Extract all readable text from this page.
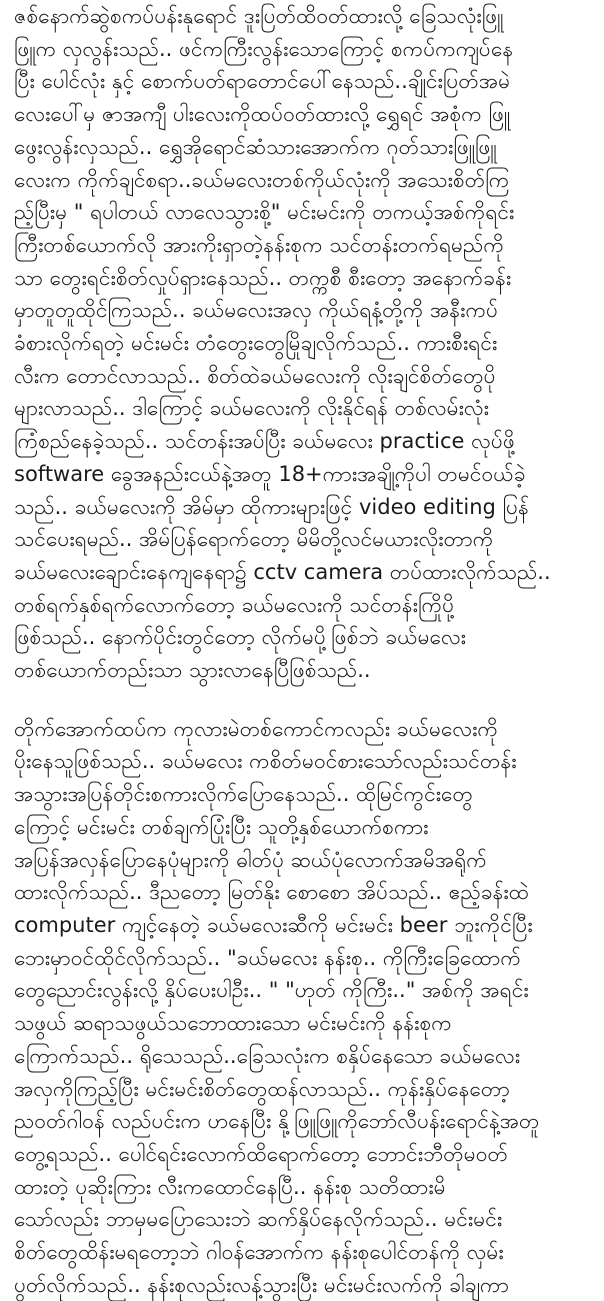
ဇစ်နောက်ဆွဲစကပ်ပန်းနုရောင် ဒူးပြတ်ထိဝတ်ထားလို့ ခြေသလုံးဖြူ
ဖြူက လှလွန်းသည်.. ဖင်ကကြီးလွန်းသောကြောင့် စကပ်ကကျပ်နေ
ပြီး ပေါင်လုံး နှင့် စောက်ပတ်ရာတောင်ပေါ်နေသည်..ချိုင်းပြတ်အမဲ
လေးပေါ်မှ ဇာအကျီ ပါးလေးကိုထပ်ဝတ်ထားလို့ ရွှေရင် အစုံက ဖြူ
ဖွေးလွန်းလှသည်.. ရွှေအိုရောင်ဆံသားအောက်က ဂုတ်သားဖြူဖြူ
လေးက ကိုက်ချင်စရာ..ခယ်မလေးတစ်ကိုယ်လုံးကို အသေးစိတ်ကြ
ည့်ပြီးမှ " ရပါတယ် လာလေသွားစို့" မင်းမင်းကို တကယ့်အစ်ကိုရင်း
ကြီးတစ်ယောက်လို အားကိုးရှာတဲ့နန်းစုက သင်တန်းတက်ရမည်ကို
သာ တွေးရင်းစိတ်လှုပ်ရှားနေသည်.. တက္ကစီ စီးတော့ အနောက်ခန်း
မှာတူတူထိုင်ကြသည်.. ခယ်မလေးအလှ ကိုယ်ရနံ့တို့ကို အနီးကပ်
ခံစားလိုက်ရတဲ့ မင်းမင်း တံတွေးတွေမြိုချလိုက်သည်.. ကားစီးရင်း
လီးက တောင်လာသည်.. စိတ်ထဲခယ်မလေးကို လိုးချင်စိတ်တွေပို
များလာသည်.. ဒါကြောင့် ခယ်မလေးကို လိုးနိုင်ရန် တစ်လမ်းလုံး
ကြံစည်နေခဲ့သည်.. သင်တန်းအပ်ပြီး ခယ်မလေး practice လုပ်ဖို့
software ခွေအနည်းငယ်နဲ့အတူ 18+ကားအချို့ကိုပါ တမင်ဝယ်ခဲ့
သည်.. ခယ်မလေးကို အိမ်မှာ ထိုကားများဖြင့် video editing ပြန်
သင်ပေးရမည်.. အိမ်ပြန်ရောက်တော့ မိမိတို့လင်မယားလိုးတာကို
ခယ်မလေးချောင်းနေကျနေရာ၌ cctv camera တပ်ထားလိုက်သည်..
တစ်ရက်နှစ်ရက်လောက်တော့ ခယ်မလေးကို သင်တန်းကြိုပို့
ဖြစ်သည်.. နောက်ပိုင်းတွင်တော့ လိုက်မပို့ဖြစ်ဘဲ ခယ်မလေး
တစ်ယောက်တည်းသာ သွားလာနေပြီဖြစ်သည်..
တိုက်အောက်ထပ်က ကုလားမဲတစ်ကောင်ကလည်း ခယ်မလေးကို
ပိုးနေသူဖြစ်သည်.. ခယ်မလေး ကစိတ်မဝင်စားသော်လည်းသင်တန်း
အသွားအပြန်တိုင်းစကားလိုက်ပြောနေသည်.. ထိုမြင်ကွင်းတွေ
ကြောင့် မင်းမင်း တစ်ချက်ပြုံးပြီး သူတို့နှစ်ယောက်စကား
အပြန်အလှန်ပြောနေပုံများကို ဓါတ်ပုံ ဆယ်ပုံလောက်အမိအရိုက်
ထားလိုက်သည်.. ဒီညတော့ မြတ်နိုး စောစော အိပ်သည်.. ဧည့်ခန်းထဲ
computer ကျင့်နေတဲ့ ခယ်မလေးဆီကို မင်းမင်း beer ဘူးကိုင်ပြီး
ဘေးမှာဝင်ထိုင်လိုက်သည်.. "ခယ်မလေး နန်းစု.. ကိုကြီးခြေထောက်
တွေညောင်းလွန်းလို့ နှိပ်ပေးပါဦး.. " "ဟုတ် ကိုကြီး.." အစ်ကို အရင်း
သဖွယ် ဆရာသဖွယ်သဘောထားသော မင်းမင်းကို နန်းစုက
ကြောက်သည်.. ရိုသေသည်..ခြေသလုံးက စနှိပ်နေသော ခယ်မလေး
အလှကိုကြည့်ပြီး မင်းမင်းစိတ်တွေထန်လာသည်.. ကုန်းနှိပ်နေတော့
ညဝတ်ဂါဝန် လည်ပင်းက ဟနေပြီး နို့ဖြူဖြူကိုဘော်လီပန်းရောင်နဲ့အတူ
တွေ့ရသည်.. ပေါင်ရင်းလောက်ထိရောက်တော့ ဘောင်းဘီတိုမဝတ်
ထားတဲ့ ပုဆိုးကြား လီးကထောင်နေပြီ.. နန်းစု သတိထားမိ
သော်လည်း ဘာမှမပြောသေးဘဲ ဆက်နှိပ်နေလိုက်သည်.. မင်းမင်း
စိတ်တွေထိန်းမရတော့ဘဲ ဂါဝန်အောက်က နန်းစုပေါင်တန်ကို လှမ်း
ပွတ်လိုက်သည်.. နန်းစုလည်းလန့်သွားပြီး မင်းမင်းလက်ကို ခါချကာ
